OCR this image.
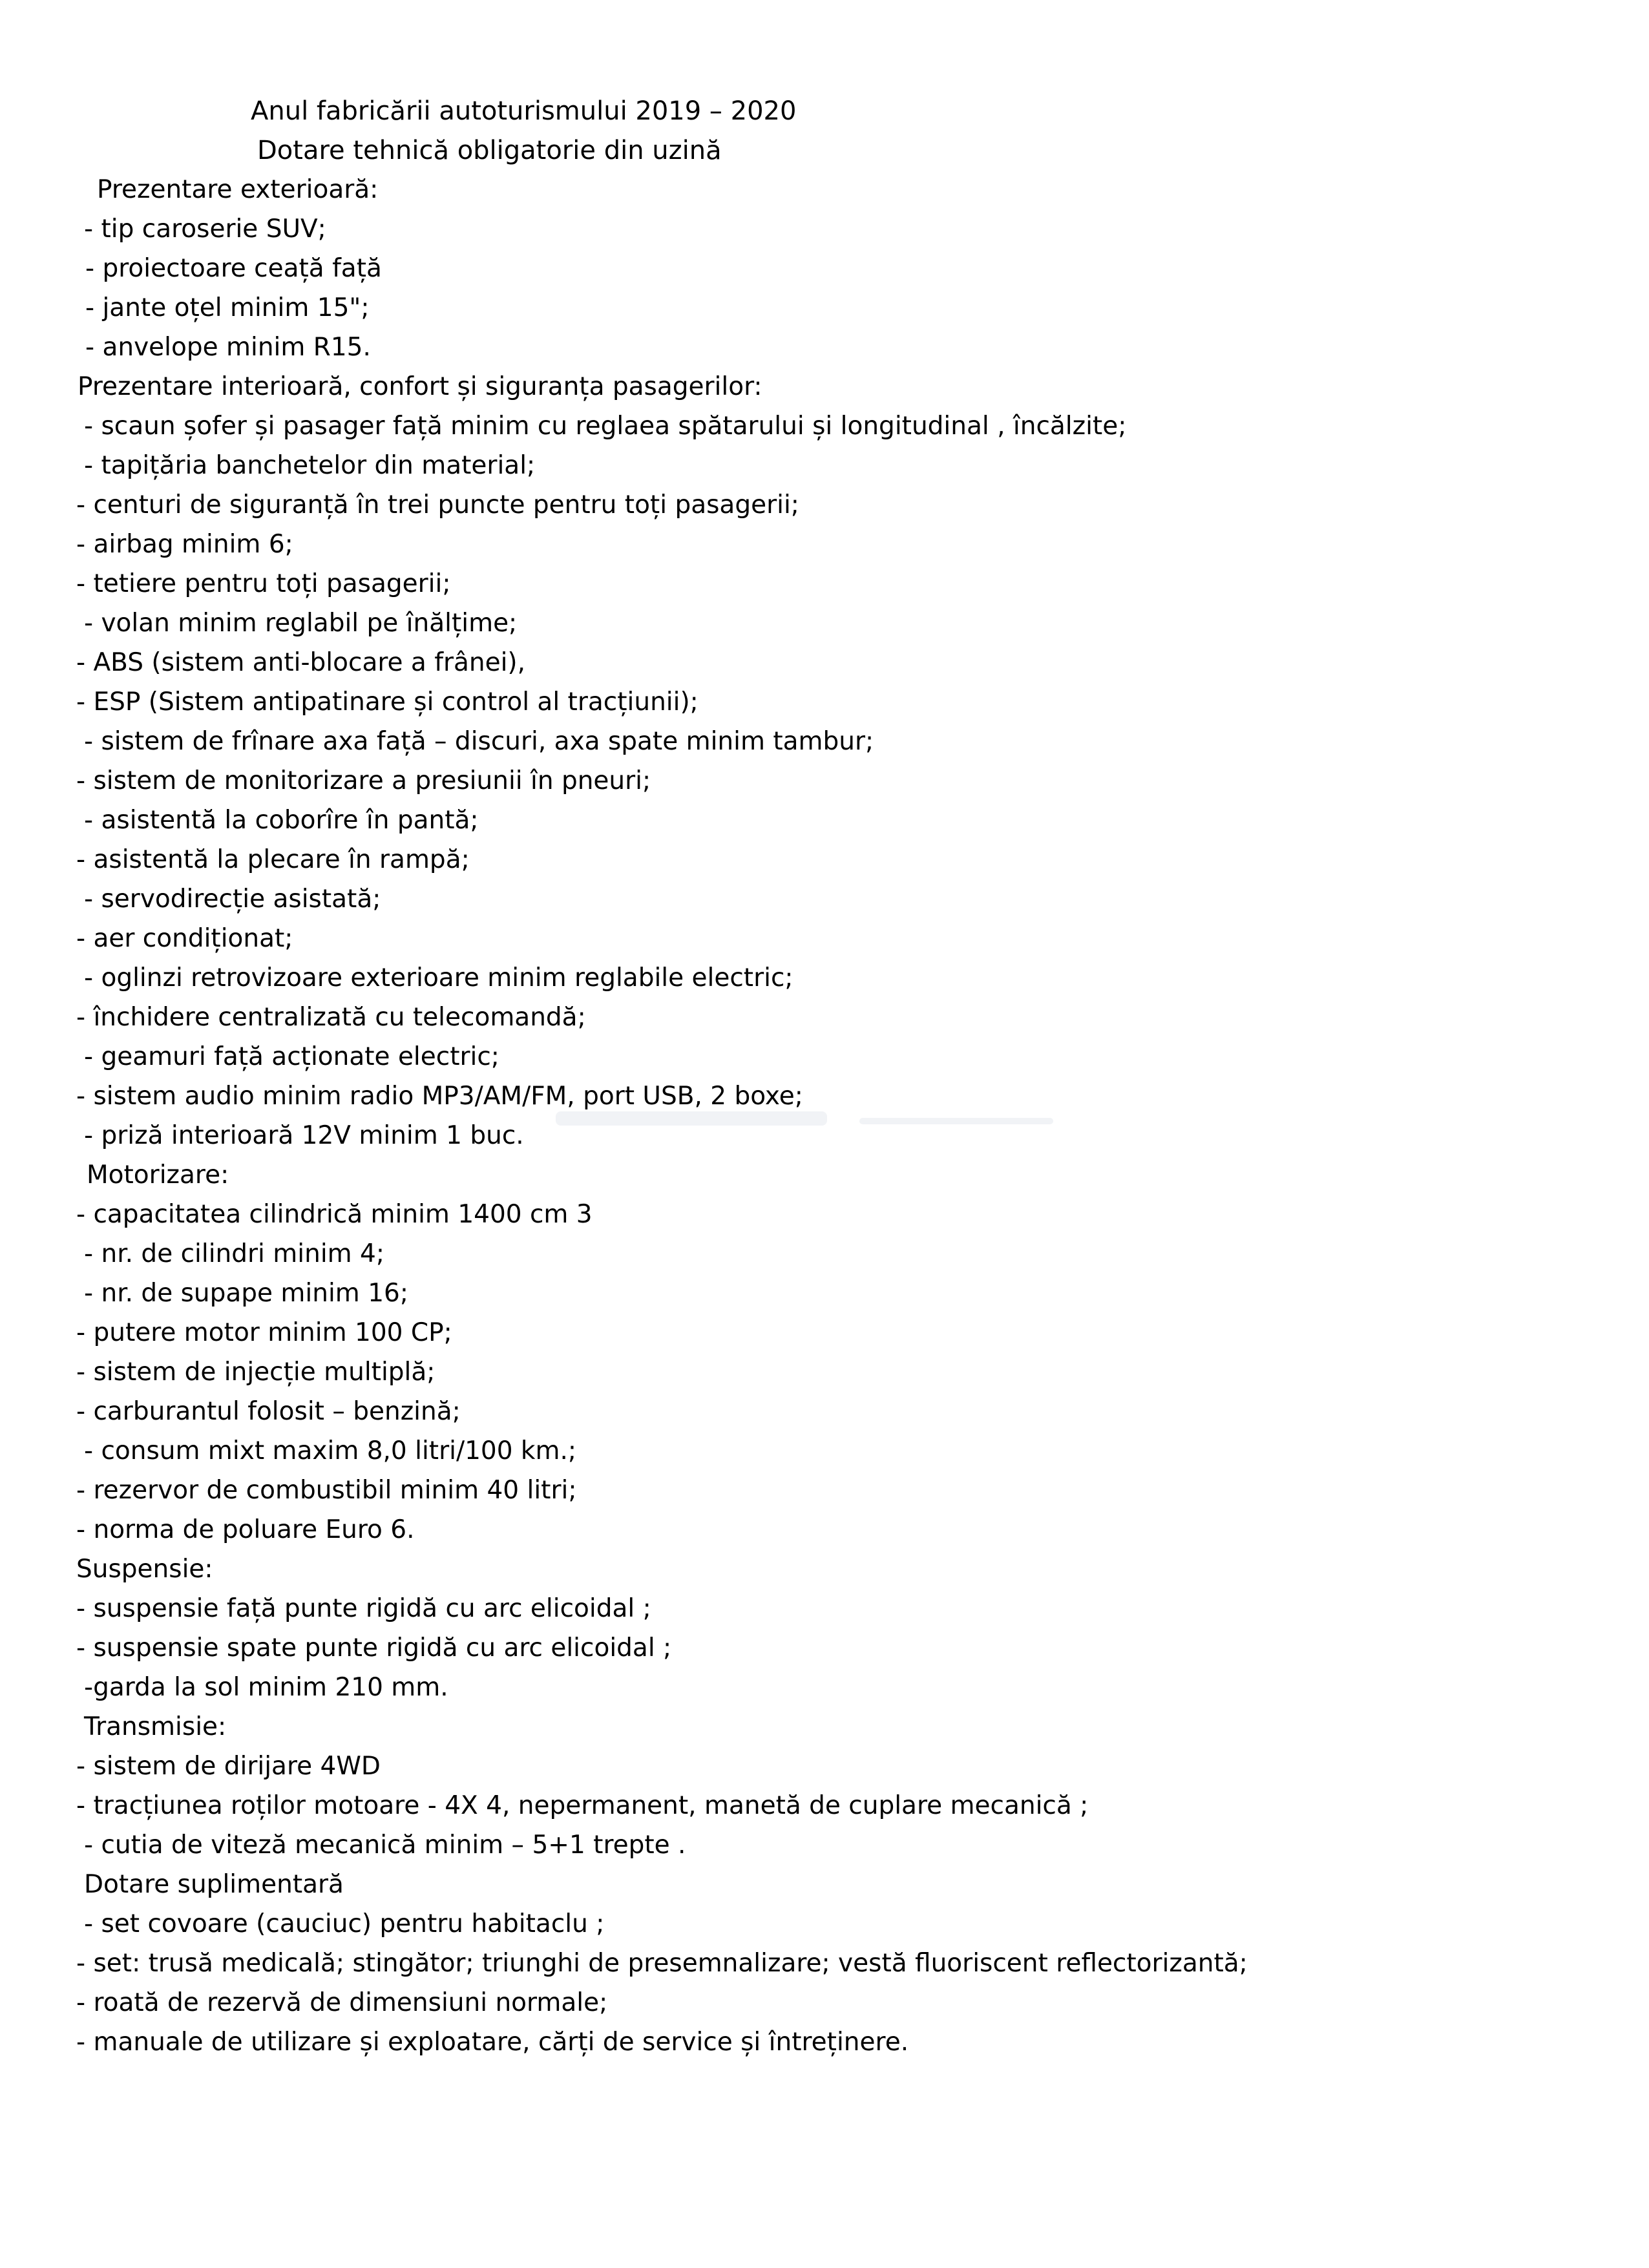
Anul fabricării autoturismului 2019 – 2020
Dotare tehnică obligatorie din uzină
Prezentare exterioară:
- tip caroserie SUV;
- proiectoare ceață față
- jante oțel minim 15";
- anvelope minim R15.
Prezentare interioară, confort și siguranța pasagerilor:
- scaun șofer și pasager față minim cu reglaea spătarului și longitudinal , încălzite;
- tapițăria banchetelor din material;
- centuri de siguranță în trei puncte pentru toți pasagerii;
- airbag minim 6;
- tetiere pentru toți pasagerii;
- volan minim reglabil pe înălțime;
- ABS (sistem anti-blocare a frânei),
- ESP (Sistem antipatinare și control al tracțiunii);
- sistem de frînare axa față – discuri, axa spate minim tambur;
- sistem de monitorizare a presiunii în pneuri;
- asistentă la coborîre în pantă;
- asistentă la plecare în rampă;
- servodirecție asistată;
- aer condiționat;
- oglinzi retrovizoare exterioare minim reglabile electric;
- închidere centralizată cu telecomandă;
- geamuri față acționate electric;
- sistem audio minim radio MP3/AM/FM, port USB, 2 boxe;
- priză interioară 12V minim 1 buc.
Motorizare:
- capacitatea cilindrică minim 1400 cm 3
- nr. de cilindri minim 4;
- nr. de supape minim 16;
- putere motor minim 100 CP;
- sistem de injecție multiplă;
- carburantul folosit – benzină;
- consum mixt maxim 8,0 litri/100 km.;
- rezervor de combustibil minim 40 litri;
- norma de poluare Euro 6.
Suspensie:
- suspensie față punte rigidă cu arc elicoidal ;
- suspensie spate punte rigidă cu arc elicoidal ;
-garda la sol minim 210 mm.
Transmisie:
- sistem de dirijare 4WD
- tracțiunea roților motoare - 4X 4, nepermanent, manetă de cuplare mecanică ;
- cutia de viteză mecanică minim – 5+1 trepte .
Dotare suplimentară
- set covoare (cauciuc) pentru habitaclu ;
- set: trusă medicală; stingător; triunghi de presemnalizare; vestă fluoriscent reflectorizantă;
- roată de rezervă de dimensiuni normale;
- manuale de utilizare și exploatare, cărți de service și întreținere.
